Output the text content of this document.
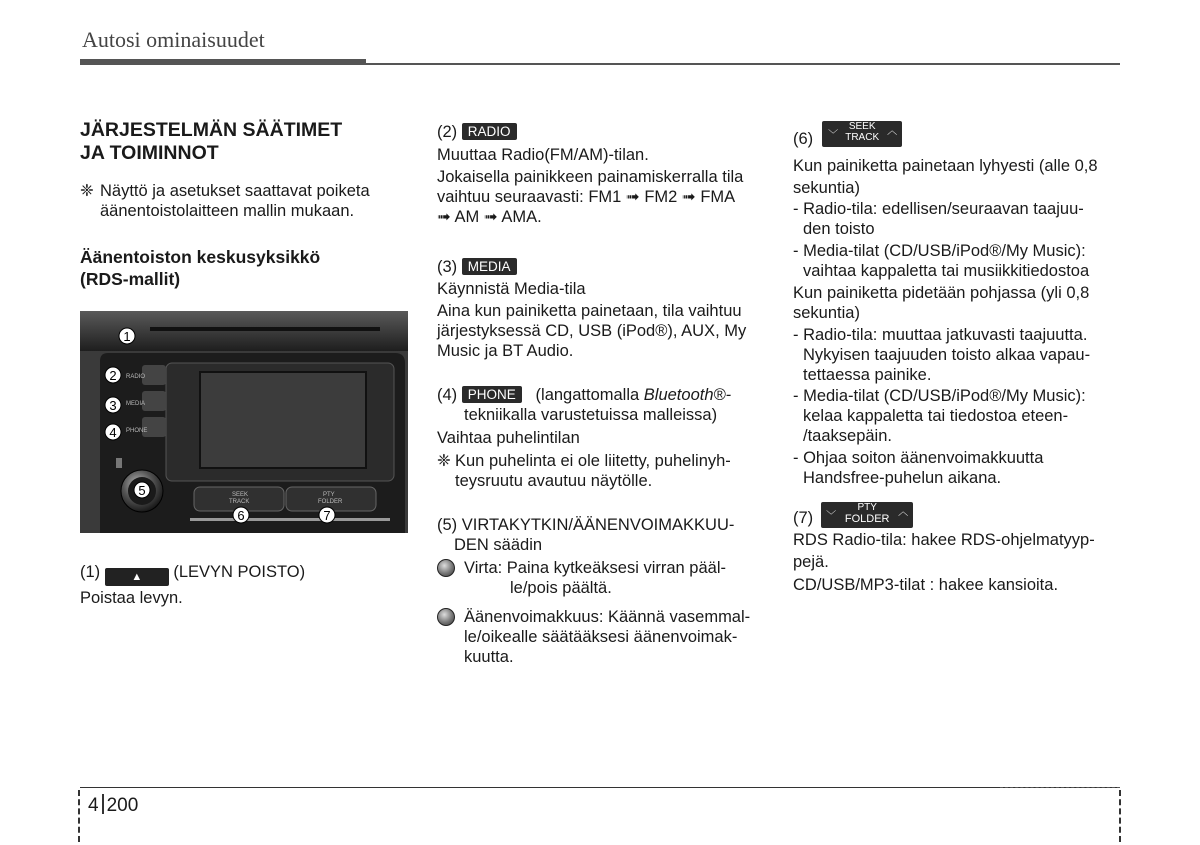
Autosi ominaisuudet
JÄRJESTELMÄN SÄÄTIMET
JA TOIMINNOT
❈ Näyttö ja asetukset saattavat poiketa
äänentoistolaitteen mallin mukaan.
Äänentoiston keskusyksikkö
(RDS-mallit)
RADIO
MEDIA
PHONE
SEEK
TRACK
PTY
FOLDER
1
2
3
4
5
6	7
(1)	▲ (LEVYN POISTO)
Poistaa levyn.
(2) RADIO
Muuttaa Radio(FM/AM)-tilan.
Jokaisella painikkeen painamiskerralla tila
vaihtuu seuraavasti: FM1 ➟ FM2 ➟ FMA
➟ AM ➟ AMA.
(3) MEDIA
Käynnistä Media-tila
Aina kun painiketta painetaan, tila vaihtuu
järjestyksessä CD, USB (iPod®), AUX, My
Music ja BT Audio.
(4) PHONE (langattomalla Bluetooth®-
tekniikalla varustetuissa malleissa)
Vaihtaa puhelintilan
❈ Kun puhelinta ei ole liitetty, puhelinyh-
teysruutu avautuu näytölle.
(5) VIRTAKYTKIN/ÄÄNENVOIMAKKUU-
DEN säädin
Virta: Paina kytkeäksesi virran pääl-
le/pois päältä.
Äänenvoimakkuus: Käännä vasemmal-
le/oikealle säätääksesi äänenvoimak-
kuutta.
(6) ﹀
SEEK
TRACK
︿
Kun painiketta painetaan lyhyesti (alle 0,8
sekuntia)
- Radio-tila: edellisen/seuraavan taajuu-
den toisto
- Media-tilat (CD/USB/iPod®/My Music):
vaihtaa kappaletta tai musiikkitiedostoa
Kun painiketta pidetään pohjassa (yli 0,8
sekuntia)
- Radio-tila: muuttaa jatkuvasti taajuutta.
Nykyisen taajuuden toisto alkaa vapau-
tettaessa painike.
- Media-tilat (CD/USB/iPod®/My Music):
kelaa kappaletta tai tiedostoa eteen-
/taaksepäin.
- Ohjaa soiton äänenvoimakkuutta
Handsfree-puhelun aikana.
(7) ﹀
PTY
FOLDER
︿
RDS Radio-tila: hakee RDS-ohjelmatyyp-
pejä.
CD/USB/MP3-tilat : hakee kansioita.
4 200
